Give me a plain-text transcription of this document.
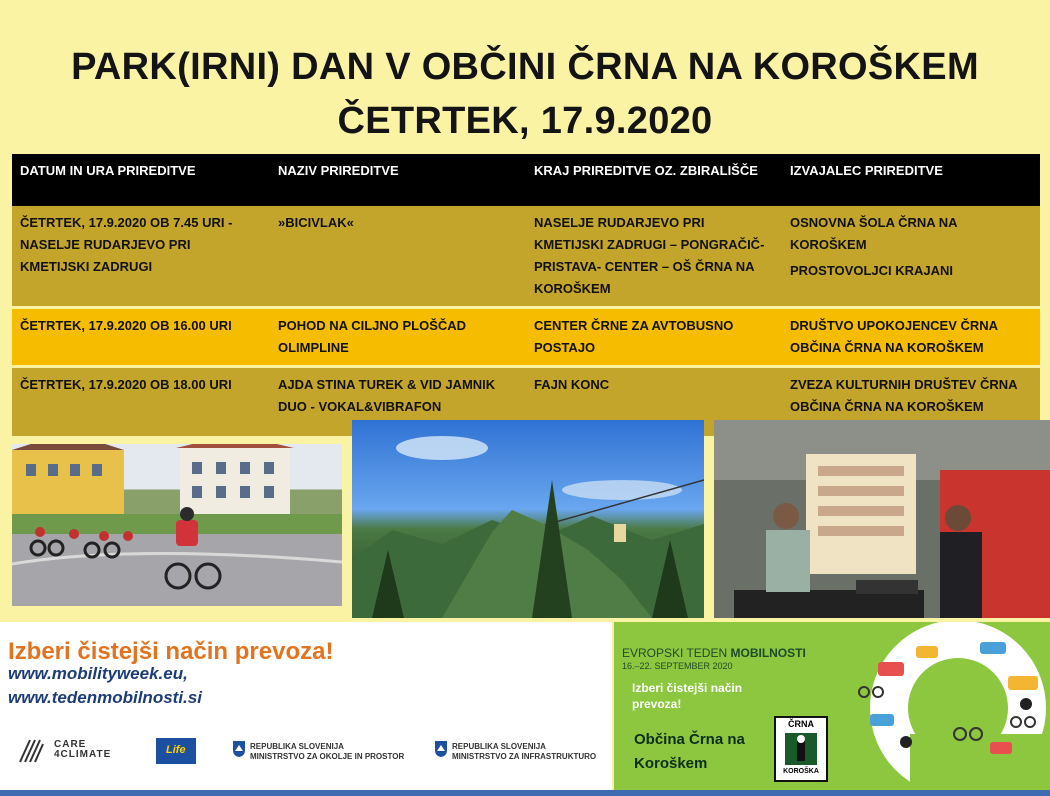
PARK(IRNI) DAN V OBČINI ČRNA NA KOROŠKEM
ČETRTEK, 17.9.2020
DATUM IN URA PRIREDITVE	NAZIV PRIREDITVE	KRAJ PRIREDITVE OZ. ZBIRALIŠČE	IZVAJALEC PRIREDITVE
ČETRTEK, 17.9.2020 OB 7.45 URI - NASELJE RUDARJEVO PRI KMETIJSKI ZADRUGI	»BICIVLAK«	NASELJE RUDARJEVO PRI KMETIJSKI ZADRUGI – PONGRAČIČ-PRISTAVA- CENTER – OŠ ČRNA NA KOROŠKEM	OSNOVNA ŠOLA ČRNA NA KOROŠKEM
PROSTOVOLJCI KRAJANI

ČETRTEK, 17.9.2020 OB 16.00 URI	POHOD NA CILJNO PLOŠČAD OLIMPLINE	CENTER ČRNE ZA AVTOBUSNO POSTAJO	DRUŠTVO UPOKOJENCEV ČRNA OBČINA ČRNA NA KOROŠKEM

ČETRTEK, 17.9.2020 OB 18.00 URI	AJDA STINA TUREK & VID JAMNIK DUO - VOKAL&VIBRAFON	FAJN KONC	ZVEZA KULTURNIH DRUŠTEV ČRNA OBČINA ČRNA NA KOROŠKEM
Izberi čistejši način prevoza!
www.mobilityweek.eu,
www.tedenmobilnosti.si
CARE
4CLIMATE	Life	REPUBLIKA SLOVENIJA
MINISTRSTVO ZA OKOLJE IN PROSTOR
REPUBLIKA SLOVENIJA
MINISTRSTVO ZA INFRASTRUKTURO
EVROPSKI TEDEN MOBILNOSTI
16.–22. SEPTEMBER 2020
Izberi čistejši način prevoza!
Občina Črna na Koroškem
ČRNA
KOROŠKA
